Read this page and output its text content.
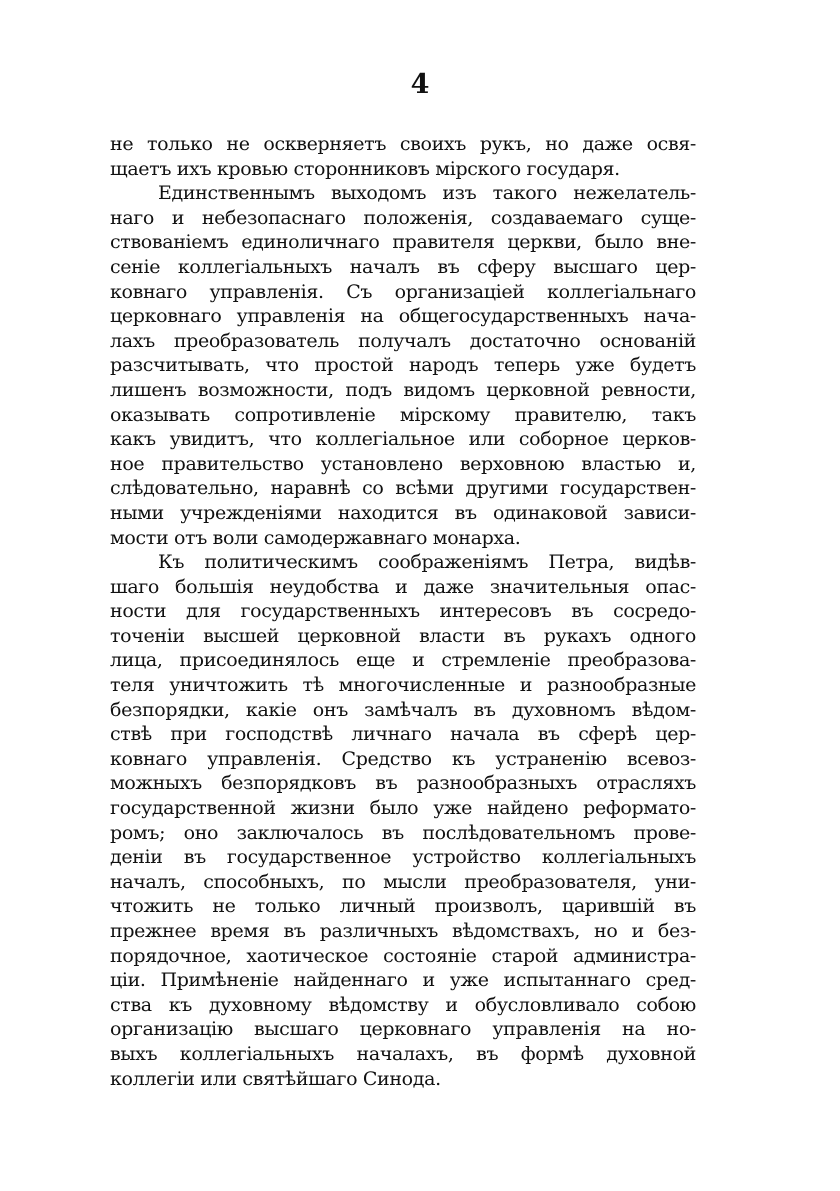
4
не только не оскверняетъ своихъ рукъ, но даже освя-
щаетъ ихъ кровью сторонниковъ мірского государя.
Единственнымъ выходомъ изъ такого нежелатель-
наго и небезопаснаго положенія, создаваемаго суще-
ствованіемъ единоличнаго правителя церкви, было вне-
сеніе коллегіальныхъ началъ въ сферу высшаго цер-
ковнаго управленія. Съ организаціей коллегіальнаго
церковнаго управленія на общегосударственныхъ нача-
лахъ преобразователь получалъ достаточно основаній
разсчитывать, что простой народъ теперь уже будетъ
лишенъ возможности, подъ видомъ церковной ревности,
оказывать сопротивленіе мірскому правителю, такъ
какъ увидитъ, что коллегіальное или соборное церков-
ное правительство установлено верховною властью и,
слѣдовательно, наравнѣ со всѣми другими государствен-
ными учрежденіями находится въ одинаковой зависи-
мости отъ воли самодержавнаго монарха.
Къ политическимъ соображеніямъ Петра, видѣв-
шаго большія неудобства и даже значительныя опас-
ности для государственныхъ интересовъ въ сосредо-
точеніи высшей церковной власти въ рукахъ одного
лица, присоединялось еще и стремленіе преобразова-
теля уничтожить тѣ многочисленные и разнообразные
безпорядки, какіе онъ замѣчалъ въ духовномъ вѣдом-
ствѣ при господствѣ личнаго начала въ сферѣ цер-
ковнаго управленія. Средство къ устраненію всевоз-
можныхъ безпорядковъ въ разнообразныхъ отрасляхъ
государственной жизни было уже найдено реформато-
ромъ; оно заключалось въ послѣдовательномъ прове-
деніи въ государственное устройство коллегіальныхъ
началъ, способныхъ, по мысли преобразователя, уни-
чтожить не только личный произволъ, царившій въ
прежнее время въ различныхъ вѣдомствахъ, но и без-
порядочное, хаотическое состояніе старой администра-
ціи. Примѣненіе найденнаго и уже испытаннаго сред-
ства къ духовному вѣдомству и обусловливало собою
организацію высшаго церковнаго управленія на но-
выхъ коллегіальныхъ началахъ, въ формѣ духовной
коллегіи или святѣйшаго Синода.
